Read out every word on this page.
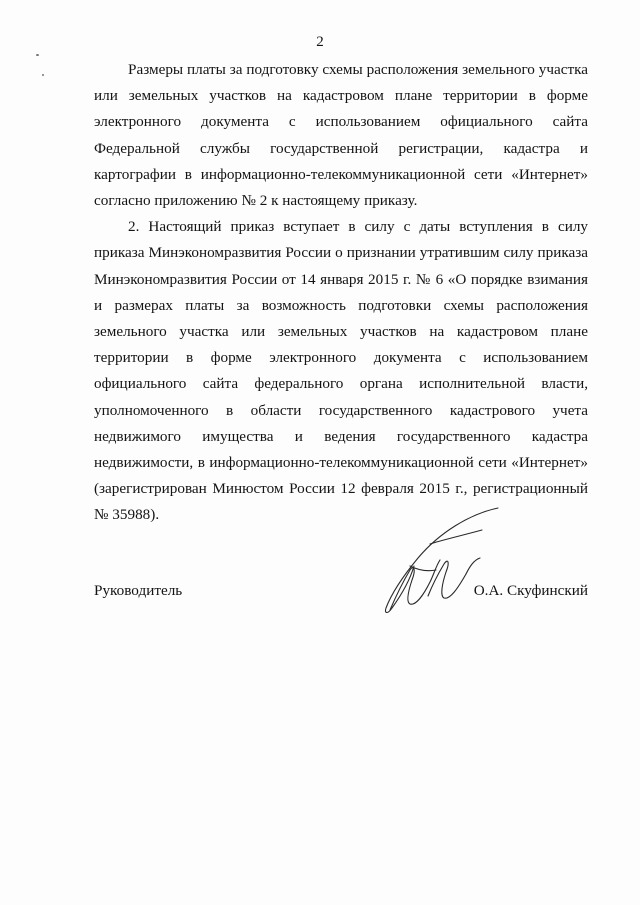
2

Размеры платы за подготовку схемы расположения земельного участка или земельных участков на кадастровом плане территории в форме электронного документа с использованием официального сайта Федеральной службы государственной регистрации, кадастра и картографии в информационно-телекоммуникационной сети «Интернет» согласно приложению № 2 к настоящему приказу.

2. Настоящий приказ вступает в силу с даты вступления в силу приказа Минэкономразвития России о признании утратившим силу приказа Минэкономразвития России от 14 января 2015 г. № 6 «О порядке взимания и размерах платы за возможность подготовки схемы расположения земельного участка или земельных участков на кадастровом плане территории в форме электронного документа с использованием официального сайта федерального органа исполнительной власти, уполномоченного в области государственного кадастрового учета недвижимого имущества и ведения государственного кадастра недвижимости, в информационно-телекоммуникационной сети «Интернет» (зарегистрирован Минюстом России 12 февраля 2015 г., регистрационный № 35988).

Руководитель	О.А. Скуфинский
